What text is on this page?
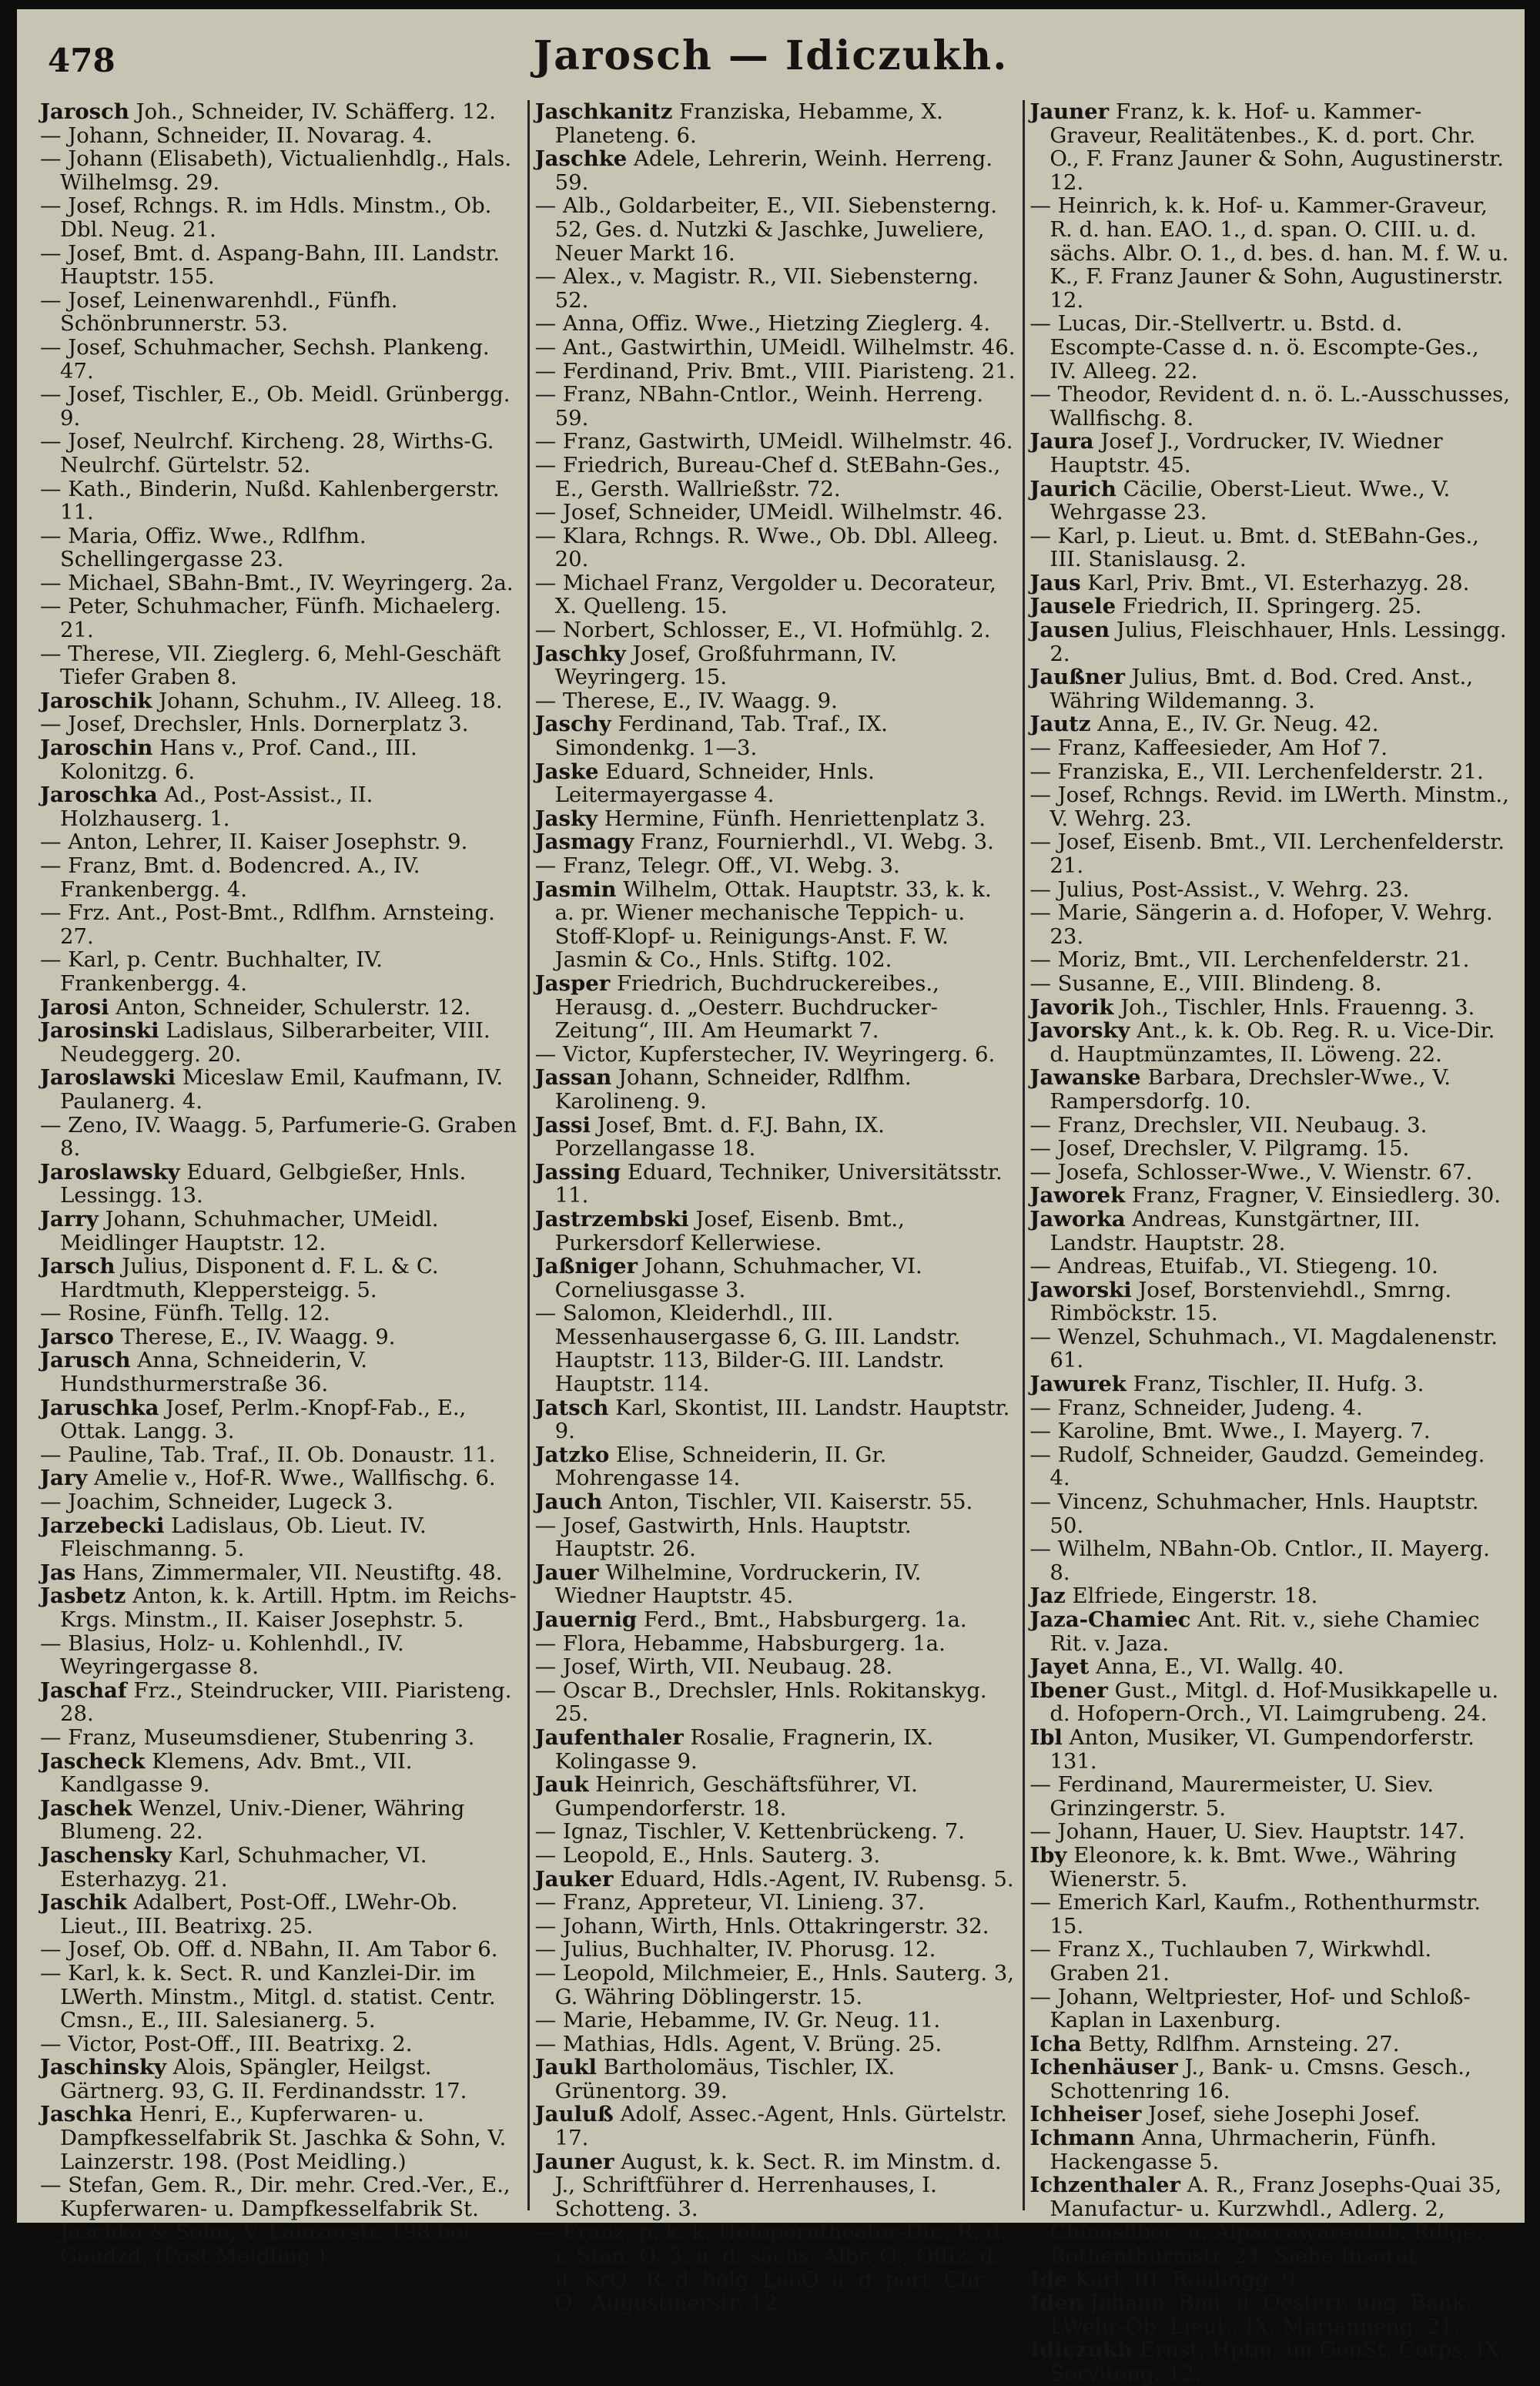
478	Jarosch — Idiczukh.

Jarosch Joh., Schneider, IV. Schäfferg. 12.

— Johann, Schneider, II. Novarag. 4.

— Johann (Elisabeth), Victualienhdlg., Hals. Wilhelmsg. 29.

— Josef, Rchngs. R. im Hdls. Minstm., Ob. Dbl. Neug. 21.

— Josef, Bmt. d. Aspang-Bahn, III. Landstr. Hauptstr. 155.

— Josef, Leinenwarenhdl., Fünfh. Schönbrunnerstr. 53.

— Josef, Schuhmacher, Sechsh. Plankeng. 47.

— Josef, Tischler, E., Ob. Meidl. Grünbergg. 9.

— Josef, Neulrchf. Kircheng. 28, Wirths-G. Neulrchf. Gürtelstr. 52.

— Kath., Binderin, Nußd. Kahlenbergerstr. 11.

— Maria, Offiz. Wwe., Rdlfhm. Schellingergasse 23.

— Michael, SBahn-Bmt., IV. Weyringerg. 2a.

— Peter, Schuhmacher, Fünfh. Michaelerg. 21.

— Therese, VII. Zieglerg. 6, Mehl-Geschäft Tiefer Graben 8.

Jaroschik Johann, Schuhm., IV. Alleeg. 18.

— Josef, Drechsler, Hnls. Dornerplatz 3.

Jaroschin Hans v., Prof. Cand., III. Kolonitzg. 6.

Jaroschka Ad., Post-Assist., II. Holzhauserg. 1.

— Anton, Lehrer, II. Kaiser Josephstr. 9.

— Franz, Bmt. d. Bodencred. A., IV. Frankenbergg. 4.

— Frz. Ant., Post-Bmt., Rdlfhm. Arnsteing. 27.

— Karl, p. Centr. Buchhalter, IV. Frankenbergg. 4.

Jarosi Anton, Schneider, Schulerstr. 12.

Jarosinski Ladislaus, Silberarbeiter, VIII. Neudeggerg. 20.

Jaroslawski Miceslaw Emil, Kaufmann, IV. Paulanerg. 4.

— Zeno, IV. Waagg. 5, Parfumerie-G. Graben 8.

Jaroslawsky Eduard, Gelbgießer, Hnls. Lessingg. 13.

Jarry Johann, Schuhmacher, UMeidl. Meidlinger Hauptstr. 12.

Jarsch Julius, Disponent d. F. L. & C. Hardtmuth, Kleppersteigg. 5.

— Rosine, Fünfh. Tellg. 12.

Jarsco Therese, E., IV. Waagg. 9.

Jarusch Anna, Schneiderin, V. Hundsthurmerstraße 36.

Jaruschka Josef, Perlm.-Knopf-Fab., E., Ottak. Langg. 3.

— Pauline, Tab. Traf., II. Ob. Donaustr. 11.

Jary Amelie v., Hof-R. Wwe., Wallfischg. 6.

— Joachim, Schneider, Lugeck 3.

Jarzebecki Ladislaus, Ob. Lieut. IV. Fleischmanng. 5.

Jas Hans, Zimmermaler, VII. Neustiftg. 48.

Jasbetz Anton, k. k. Artill. Hptm. im Reichs-Krgs. Minstm., II. Kaiser Josephstr. 5.

— Blasius, Holz- u. Kohlenhdl., IV. Weyringergasse 8.

Jaschaf Frz., Steindrucker, VIII. Piaristeng. 28.

— Franz, Museumsdiener, Stubenring 3.

Jascheck Klemens, Adv. Bmt., VII. Kandlgasse 9.

Jaschek Wenzel, Univ.-Diener, Währing Blumeng. 22.

Jaschensky Karl, Schuhmacher, VI. Esterhazyg. 21.

Jaschik Adalbert, Post-Off., LWehr-Ob. Lieut., III. Beatrixg. 25.

— Josef, Ob. Off. d. NBahn, II. Am Tabor 6.

— Karl, k. k. Sect. R. und Kanzlei-Dir. im LWerth. Minstm., Mitgl. d. statist. Centr. Cmsn., E., III. Salesianerg. 5.

— Victor, Post-Off., III. Beatrixg. 2.

Jaschinsky Alois, Spängler, Heilgst. Gärtnerg. 93, G. II. Ferdinandsstr. 17.

Jaschka Henri, E., Kupferwaren- u. Dampfkesselfabrik St. Jaschka & Sohn, V. Lainzerstr. 198. (Post Meidling.)

— Stefan, Gem. R., Dir. mehr. Cred.-Ver., E., Kupferwaren- u. Dampfkesselfabrik St. Jaschka & Sohn, V. Lainzerstr. 198 bei Gaudzd. (Post Meidling.)

Jaschkanitz Franziska, Hebamme, X. Planeteng. 6.

Jaschke Adele, Lehrerin, Weinh. Herreng. 59.

— Alb., Goldarbeiter, E., VII. Siebensterng. 52, Ges. d. Nutzki & Jaschke, Juweliere, Neuer Markt 16.

— Alex., v. Magistr. R., VII. Siebensterng. 52.

— Anna, Offiz. Wwe., Hietzing Zieglerg. 4.

— Ant., Gastwirthin, UMeidl. Wilhelmstr. 46.

— Ferdinand, Priv. Bmt., VIII. Piaristeng. 21.

— Franz, NBahn-Cntlor., Weinh. Herreng. 59.

— Franz, Gastwirth, UMeidl. Wilhelmstr. 46.

— Friedrich, Bureau-Chef d. StEBahn-Ges., E., Gersth. Wallrießstr. 72.

— Josef, Schneider, UMeidl. Wilhelmstr. 46.

— Klara, Rchngs. R. Wwe., Ob. Dbl. Alleeg. 20.

— Michael Franz, Vergolder u. Decorateur, X. Quelleng. 15.

— Norbert, Schlosser, E., VI. Hofmühlg. 2.

Jaschky Josef, Großfuhrmann, IV. Weyringerg. 15.

— Therese, E., IV. Waagg. 9.

Jaschy Ferdinand, Tab. Traf., IX. Simondenkg. 1—3.

Jaske Eduard, Schneider, Hnls. Leitermayergasse 4.

Jasky Hermine, Fünfh. Henriettenplatz 3.

Jasmagy Franz, Fournierhdl., VI. Webg. 3.

— Franz, Telegr. Off., VI. Webg. 3.

Jasmin Wilhelm, Ottak. Hauptstr. 33, k. k. a. pr. Wiener mechanische Teppich- u. Stoff-Klopf- u. Reinigungs-Anst. F. W. Jasmin & Co., Hnls. Stiftg. 102.

Jasper Friedrich, Buchdruckereibes., Herausg. d. „Oesterr. Buchdrucker-Zeitung“, III. Am Heumarkt 7.

— Victor, Kupferstecher, IV. Weyringerg. 6.

Jassan Johann, Schneider, Rdlfhm. Karolineng. 9.

Jassi Josef, Bmt. d. F.J. Bahn, IX. Porzellangasse 18.

Jassing Eduard, Techniker, Universitätsstr. 11.

Jastrzembski Josef, Eisenb. Bmt., Purkersdorf Kellerwiese.

Jaßniger Johann, Schuhmacher, VI. Corneliusgasse 3.

— Salomon, Kleiderhdl., III. Messenhausergasse 6, G. III. Landstr. Hauptstr. 113, Bilder-G. III. Landstr. Hauptstr. 114.

Jatsch Karl, Skontist, III. Landstr. Hauptstr. 9.

Jatzko Elise, Schneiderin, II. Gr. Mohrengasse 14.

Jauch Anton, Tischler, VII. Kaiserstr. 55.

— Josef, Gastwirth, Hnls. Hauptstr. Hauptstr. 26.

Jauer Wilhelmine, Vordruckerin, IV. Wiedner Hauptstr. 45.

Jauernig Ferd., Bmt., Habsburgerg. 1a.

— Flora, Hebamme, Habsburgerg. 1a.

— Josef, Wirth, VII. Neubaug. 28.

— Oscar B., Drechsler, Hnls. Rokitanskyg. 25.

Jaufenthaler Rosalie, Fragnerin, IX. Kolingasse 9.

Jauk Heinrich, Geschäftsführer, VI. Gumpendorferstr. 18.

— Ignaz, Tischler, V. Kettenbrückeng. 7.

— Leopold, E., Hnls. Sauterg. 3.

Jauker Eduard, Hdls.-Agent, IV. Rubensg. 5.

— Franz, Appreteur, VI. Linieng. 37.

— Johann, Wirth, Hnls. Ottakringerstr. 32.

— Julius, Buchhalter, IV. Phorusg. 12.

— Leopold, Milchmeier, E., Hnls. Sauterg. 3, G. Währing Döblingerstr. 15.

— Marie, Hebamme, IV. Gr. Neug. 11.

— Mathias, Hdls. Agent, V. Brüng. 25.

Jaukl Bartholomäus, Tischler, IX. Grünentorg. 39.

Jauluß Adolf, Assec.-Agent, Hnls. Gürtelstr. 17.

Jauner August, k. k. Sect. R. im Minstm. d. J., Schriftführer d. Herrenhauses, I. Schotteng. 3.

— Franz, p. k. k. Hofoperntheater-Dir., R. d. r. Stan. O. 3. u. d. sächs. Albr. O., Offiz. d. it. KrO., R. d. belg. LeoO. u. d. port. Chr. O., Augustinerstr. 12.

Jauner Franz, k. k. Hof- u. Kammer-Graveur, Realitätenbes., K. d. port. Chr. O., F. Franz Jauner & Sohn, Augustinerstr. 12.

— Heinrich, k. k. Hof- u. Kammer-Graveur, R. d. han. EAO. 1., d. span. O. CIII. u. d. sächs. Albr. O. 1., d. bes. d. han. M. f. W. u. K., F. Franz Jauner & Sohn, Augustinerstr. 12.

— Lucas, Dir.-Stellvertr. u. Bstd. d. Escompte-Casse d. n. ö. Escompte-Ges., IV. Alleeg. 22.

— Theodor, Revident d. n. ö. L.-Ausschusses, Wallfischg. 8.

Jaura Josef J., Vordrucker, IV. Wiedner Hauptstr. 45.

Jaurich Cäcilie, Oberst-Lieut. Wwe., V. Wehrgasse 23.

— Karl, p. Lieut. u. Bmt. d. StEBahn-Ges., III. Stanislausg. 2.

Jaus Karl, Priv. Bmt., VI. Esterhazyg. 28.

Jausele Friedrich, II. Springerg. 25.

Jausen Julius, Fleischhauer, Hnls. Lessingg. 2.

Jaußner Julius, Bmt. d. Bod. Cred. Anst., Währing Wildemanng. 3.

Jautz Anna, E., IV. Gr. Neug. 42.

— Franz, Kaffeesieder, Am Hof 7.

— Franziska, E., VII. Lerchenfelderstr. 21.

— Josef, Rchngs. Revid. im LWerth. Minstm., V. Wehrg. 23.

— Josef, Eisenb. Bmt., VII. Lerchenfelderstr. 21.

— Julius, Post-Assist., V. Wehrg. 23.

— Marie, Sängerin a. d. Hofoper, V. Wehrg. 23.

— Moriz, Bmt., VII. Lerchenfelderstr. 21.

— Susanne, E., VIII. Blindeng. 8.

Javorik Joh., Tischler, Hnls. Frauenng. 3.

Javorsky Ant., k. k. Ob. Reg. R. u. Vice-Dir. d. Hauptmünzamtes, II. Löweng. 22.

Jawanske Barbara, Drechsler-Wwe., V. Rampersdorfg. 10.

— Franz, Drechsler, VII. Neubaug. 3.

— Josef, Drechsler, V. Pilgramg. 15.

— Josefa, Schlosser-Wwe., V. Wienstr. 67.

Jaworek Franz, Fragner, V. Einsiedlerg. 30.

Jaworka Andreas, Kunstgärtner, III. Landstr. Hauptstr. 28.

— Andreas, Etuifab., VI. Stiegeng. 10.

Jaworski Josef, Borstenviehdl., Smrng. Rimböckstr. 15.

— Wenzel, Schuhmach., VI. Magdalenenstr. 61.

Jawurek Franz, Tischler, II. Hufg. 3.

— Franz, Schneider, Judeng. 4.

— Karoline, Bmt. Wwe., I. Mayerg. 7.

— Rudolf, Schneider, Gaudzd. Gemeindeg. 4.

— Vincenz, Schuhmacher, Hnls. Hauptstr. 50.

— Wilhelm, NBahn-Ob. Cntlor., II. Mayerg. 8.

Jaz Elfriede, Eingerstr. 18.

Jaza-Chamiec Ant. Rit. v., siehe Chamiec Rit. v. Jaza.

Jayet Anna, E., VI. Wallg. 40.

Ibener Gust., Mitgl. d. Hof-Musikkapelle u. d. Hofopern-Orch., VI. Laimgrubeng. 24.

Ibl Anton, Musiker, VI. Gumpendorferstr. 131.

— Ferdinand, Maurermeister, U. Siev. Grinzingerstr. 5.

— Johann, Hauer, U. Siev. Hauptstr. 147.

Iby Eleonore, k. k. Bmt. Wwe., Währing Wienerstr. 5.

— Emerich Karl, Kaufm., Rothenthurmstr. 15.

— Franz X., Tuchlauben 7, Wirkwhdl. Graben 21.

— Johann, Weltpriester, Hof- und Schloß-Kaplan in Laxenburg.

Icha Betty, Rdlfhm. Arnsteing. 27.

Ichenhäuser J., Bank- u. Cmsns. Gesch., Schottenring 16.

Ichheiser Josef, siehe Josephi Josef.

Ichmann Anna, Uhrmacherin, Fünfh. Hackengasse 5.

Ichzenthaler A. R., Franz Josephs-Quai 35, Manufactur- u. Kurzwhdl., Adlerg. 2, Chinasilber- u. Alpaccawarenfab. Rdlge. Rothenthurmstr. 24. Siehe Inserat.

Ide Karl, III. Reulingg. 9.

Iden Johann, Bmt. d. Oesterr. ung. Bank, LWehr-Ob. Lieut., IX. Marianneng. 21.

Idiczukh Ernst, Hptm. im GenSt. Corps, IX. Serviteng. 12.
